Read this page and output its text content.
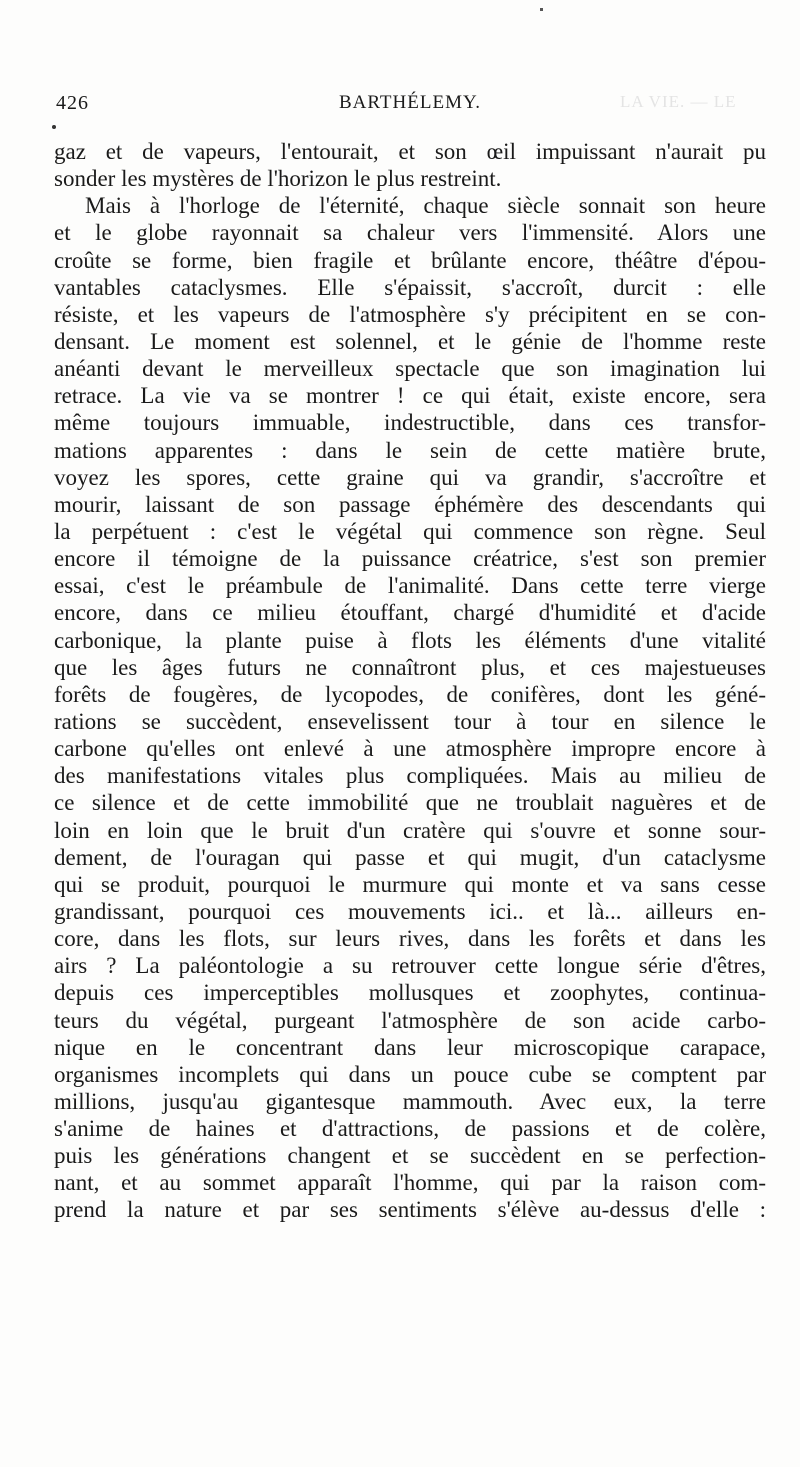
426	BARTHÉLEMY.	LA VIE. — LE
gaz et de vapeurs, l'entourait, et son œil impuissant n'aurait pu
sonder les mystères de l'horizon le plus restreint.
Mais à l'horloge de l'éternité, chaque siècle sonnait son heure
et le globe rayonnait sa chaleur vers l'immensité. Alors une
croûte se forme, bien fragile et brûlante encore, théâtre d'épou-
vantables cataclysmes. Elle s'épaissit, s'accroît, durcit : elle
résiste, et les vapeurs de l'atmosphère s'y précipitent en se con-
densant. Le moment est solennel, et le génie de l'homme reste
anéanti devant le merveilleux spectacle que son imagination lui
retrace. La vie va se montrer ! ce qui était, existe encore, sera
même toujours immuable, indestructible, dans ces transfor-
mations apparentes : dans le sein de cette matière brute,
voyez les spores, cette graine qui va grandir, s'accroître et
mourir, laissant de son passage éphémère des descendants qui
la perpétuent : c'est le végétal qui commence son règne. Seul
encore il témoigne de la puissance créatrice, s'est son premier
essai, c'est le préambule de l'animalité. Dans cette terre vierge
encore, dans ce milieu étouffant, chargé d'humidité et d'acide
carbonique, la plante puise à flots les éléments d'une vitalité
que les âges futurs ne connaîtront plus, et ces majestueuses
forêts de fougères, de lycopodes, de conifères, dont les géné-
rations se succèdent, ensevelissent tour à tour en silence le
carbone qu'elles ont enlevé à une atmosphère impropre encore à
des manifestations vitales plus compliquées. Mais au milieu de
ce silence et de cette immobilité que ne troublait naguères et de
loin en loin que le bruit d'un cratère qui s'ouvre et sonne sour-
dement, de l'ouragan qui passe et qui mugit, d'un cataclysme
qui se produit, pourquoi le murmure qui monte et va sans cesse
grandissant, pourquoi ces mouvements ici.. et là... ailleurs en-
core, dans les flots, sur leurs rives, dans les forêts et dans les
airs ? La paléontologie a su retrouver cette longue série d'êtres,
depuis ces imperceptibles mollusques et zoophytes, continua-
teurs du végétal, purgeant l'atmosphère de son acide carbo-
nique en le concentrant dans leur microscopique carapace,
organismes incomplets qui dans un pouce cube se comptent par
millions, jusqu'au gigantesque mammouth. Avec eux, la terre
s'anime de haines et d'attractions, de passions et de colère,
puis les générations changent et se succèdent en se perfection-
nant, et au sommet apparaît l'homme, qui par la raison com-
prend la nature et par ses sentiments s'élève au-dessus d'elle :
